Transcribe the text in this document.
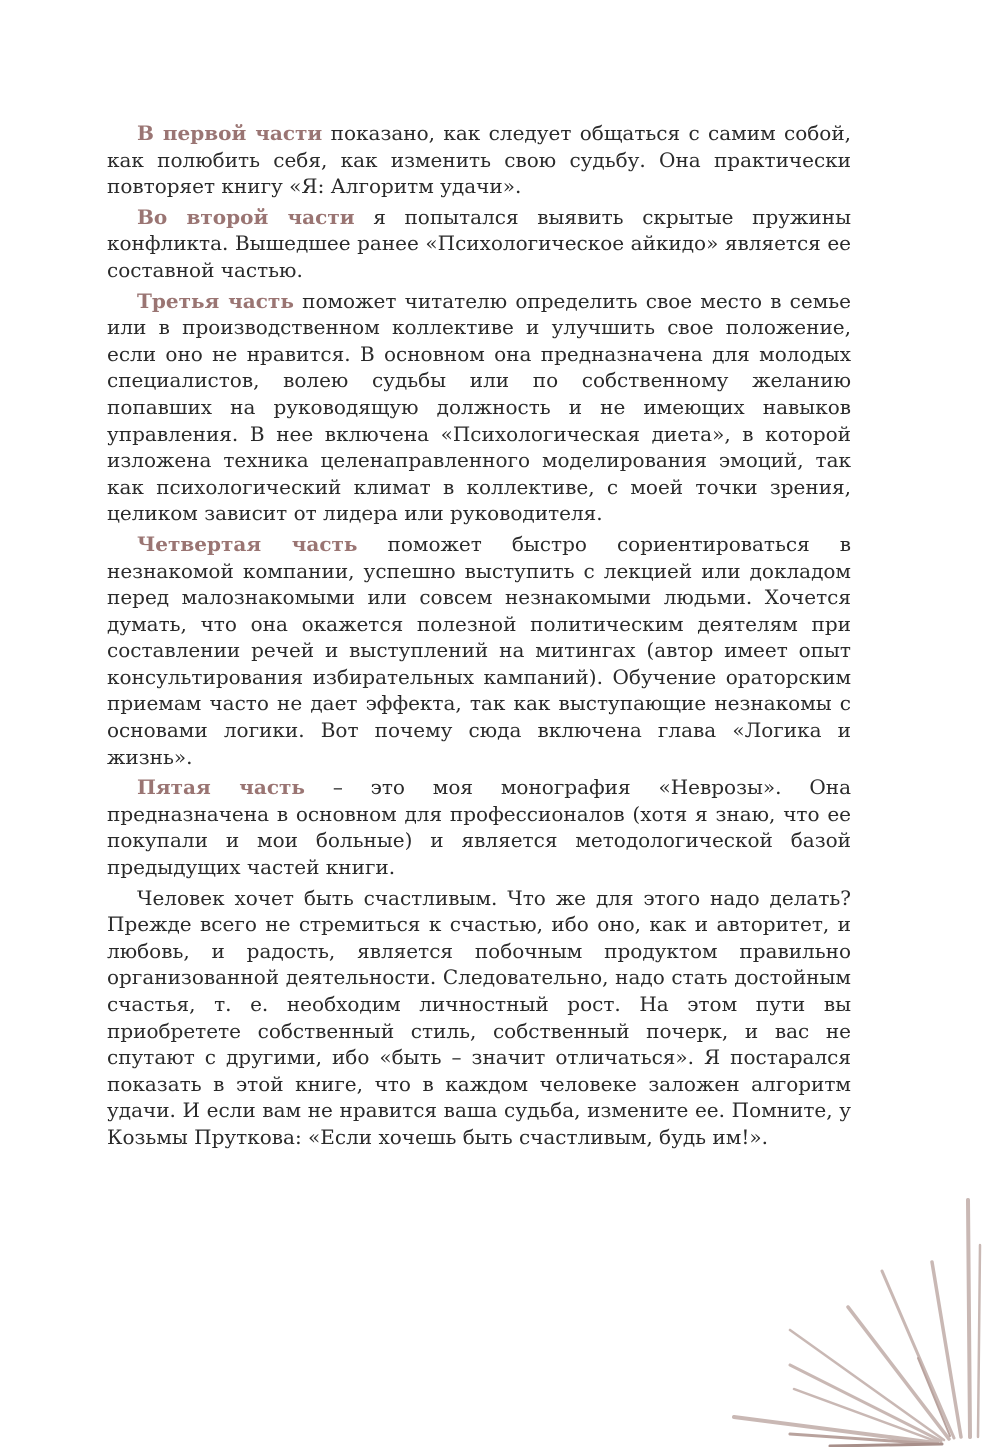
В первой части показано, как следует общаться с самим собой, как полюбить себя, как изменить свою судьбу. Она практически повторяет книгу «Я: Алгоритм удачи».

Во второй части я попытался выявить скрытые пружины конфликта. Вышедшее ранее «Психологическое айкидо» является ее составной частью.

Третья часть поможет читателю определить свое место в семье или в производственном коллективе и улучшить свое положение, если оно не нравится. В основном она предназначена для молодых специалистов, волею судьбы или по собственному желанию попавших на руководящую должность и не имеющих навыков управления. В нее включена «Психологическая диета», в которой изложена техника целенаправленного моделирования эмоций, так как психологический климат в коллективе, с моей точки зрения, целиком зависит от лидера или руководителя.

Четвертая часть поможет быстро сориентироваться в незнакомой компании, успешно выступить с лекцией или докладом перед малознакомыми или совсем незнакомыми людьми. Хочется думать, что она окажется полезной политическим деятелям при составлении речей и выступлений на митингах (автор имеет опыт консультирования избирательных кампаний). Обучение ораторским приемам часто не дает эффекта, так как выступающие незнакомы с основами логики. Вот почему сюда включена глава «Логика и жизнь».

Пятая часть – это моя монография «Неврозы». Она предназначена в основном для профессионалов (хотя я знаю, что ее покупали и мои больные) и является методологической базой предыдущих частей книги.

Человек хочет быть счастливым. Что же для этого надо делать? Прежде всего не стремиться к счастью, ибо оно, как и авторитет, и любовь, и радость, является побочным продуктом правильно организованной деятельности. Следовательно, надо стать достойным счастья, т. е. необходим личностный рост. На этом пути вы приобретете собственный стиль, собственный почерк, и вас не спутают с другими, ибо «быть – значит отличаться». Я постарался показать в этой книге, что в каждом человеке заложен алгоритм удачи. И если вам не нравится ваша судьба, измените ее. Помните, у Козьмы Пруткова: «Если хочешь быть счастливым, будь им!».
